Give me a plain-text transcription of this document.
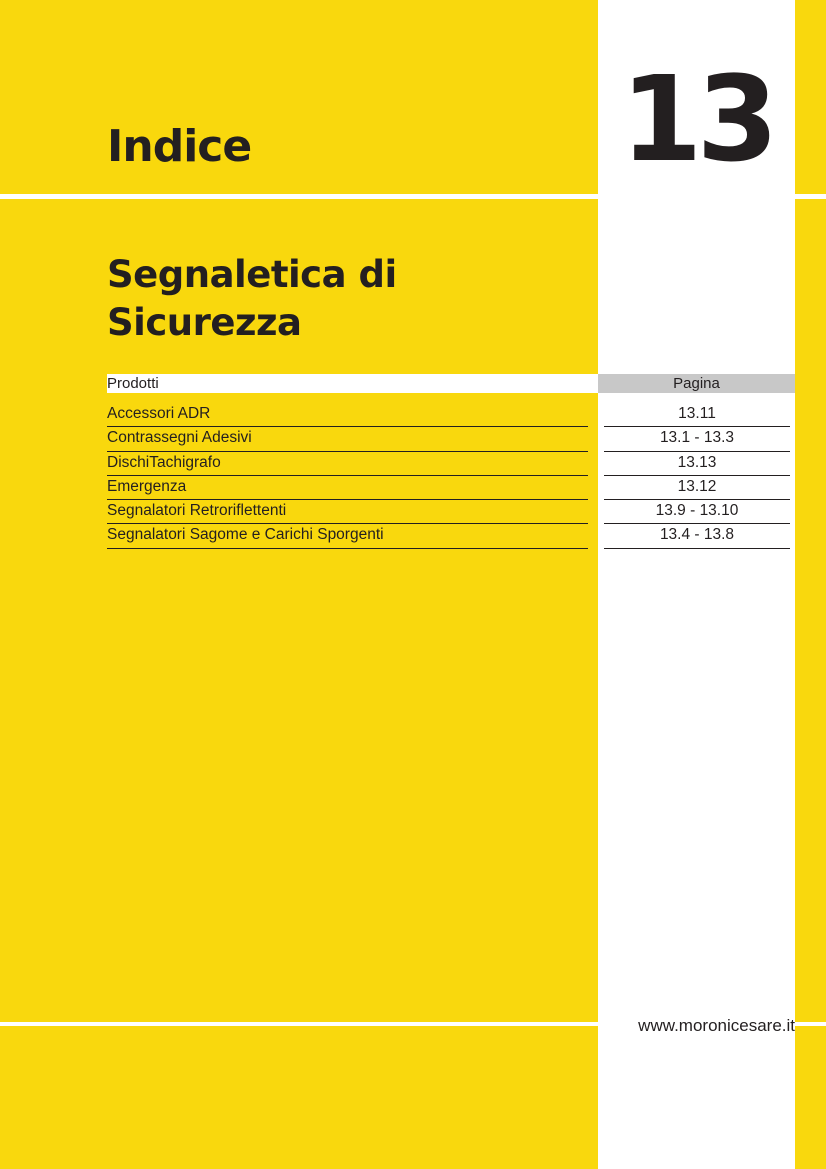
13
Indice
Segnaletica di Sicurezza
Prodotti	Pagina
Accessori ADR
Contrassegni Adesivi
DischiTachigrafo
Emergenza
Segnalatori Retroriflettenti
Segnalatori Sagome e Carichi Sporgenti
13.11
13.1 - 13.3
13.13
13.12
13.9 - 13.10
13.4 - 13.8
www.moronicesare.it
